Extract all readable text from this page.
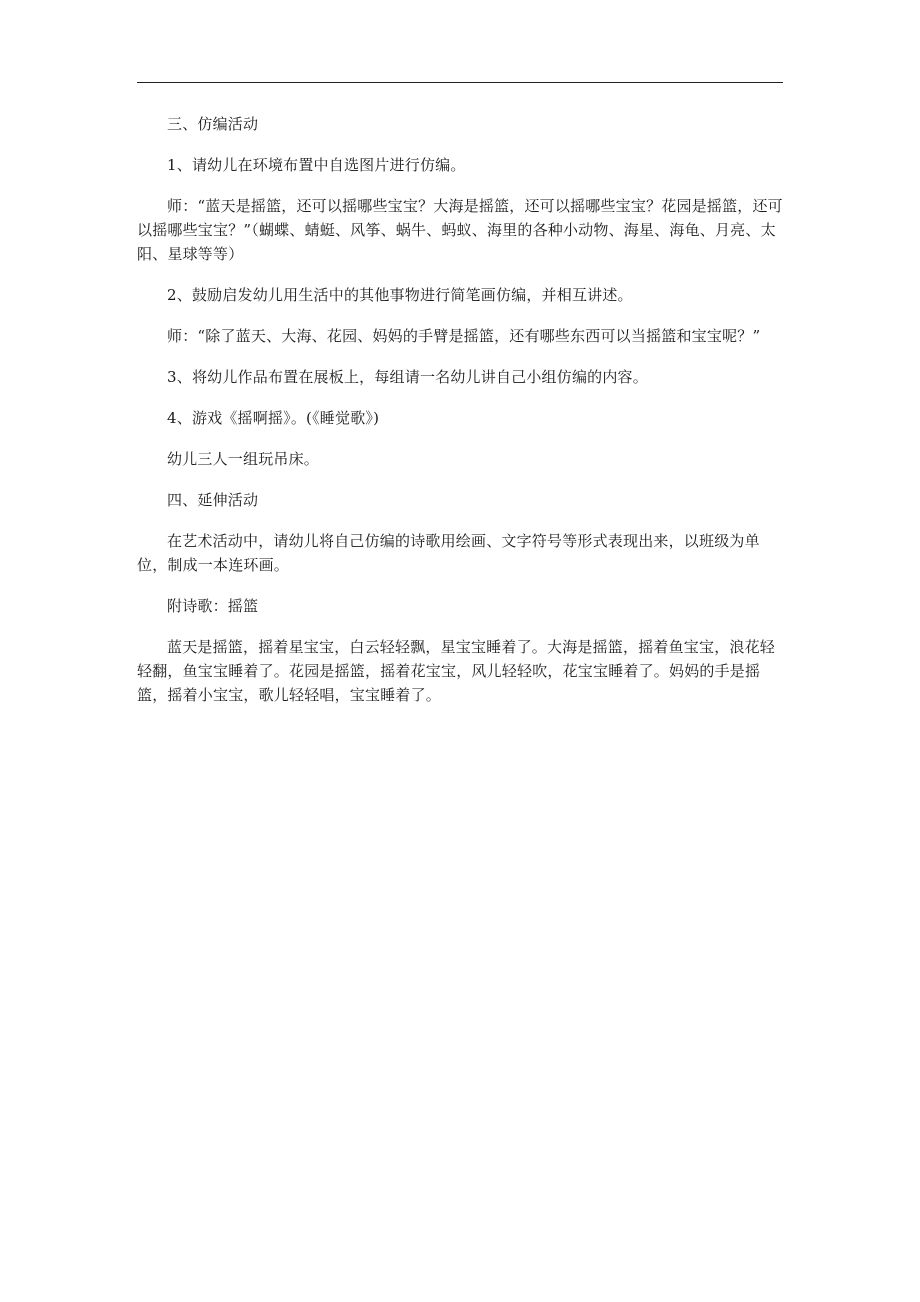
三、仿编活动

1、请幼儿在环境布置中自选图片进行仿编。

师：“蓝天是摇篮，还可以摇哪些宝宝？大海是摇篮，还可以摇哪些宝宝？花园是摇篮，还可以摇哪些宝宝？”（蝴蝶、蜻蜓、风筝、蜗牛、蚂蚁、海里的各种小动物、海星、海龟、月亮、太阳、星球等等）

2、鼓励启发幼儿用生活中的其他事物进行简笔画仿编，并相互讲述。

师：“除了蓝天、大海、花园、妈妈的手臂是摇篮，还有哪些东西可以当摇篮和宝宝呢？”

3、将幼儿作品布置在展板上，每组请一名幼儿讲自己小组仿编的内容。

4、游戏《摇啊摇》。(《睡觉歌》)

幼儿三人一组玩吊床。

四、延伸活动

在艺术活动中，请幼儿将自己仿编的诗歌用绘画、文字符号等形式表现出来，以班级为单位，制成一本连环画。

附诗歌：摇篮

蓝天是摇篮，摇着星宝宝，白云轻轻飘，星宝宝睡着了。大海是摇篮，摇着鱼宝宝，浪花轻轻翻，鱼宝宝睡着了。花园是摇篮，摇着花宝宝，风儿轻轻吹，花宝宝睡着了。妈妈的手是摇篮，摇着小宝宝，歌儿轻轻唱，宝宝睡着了。
